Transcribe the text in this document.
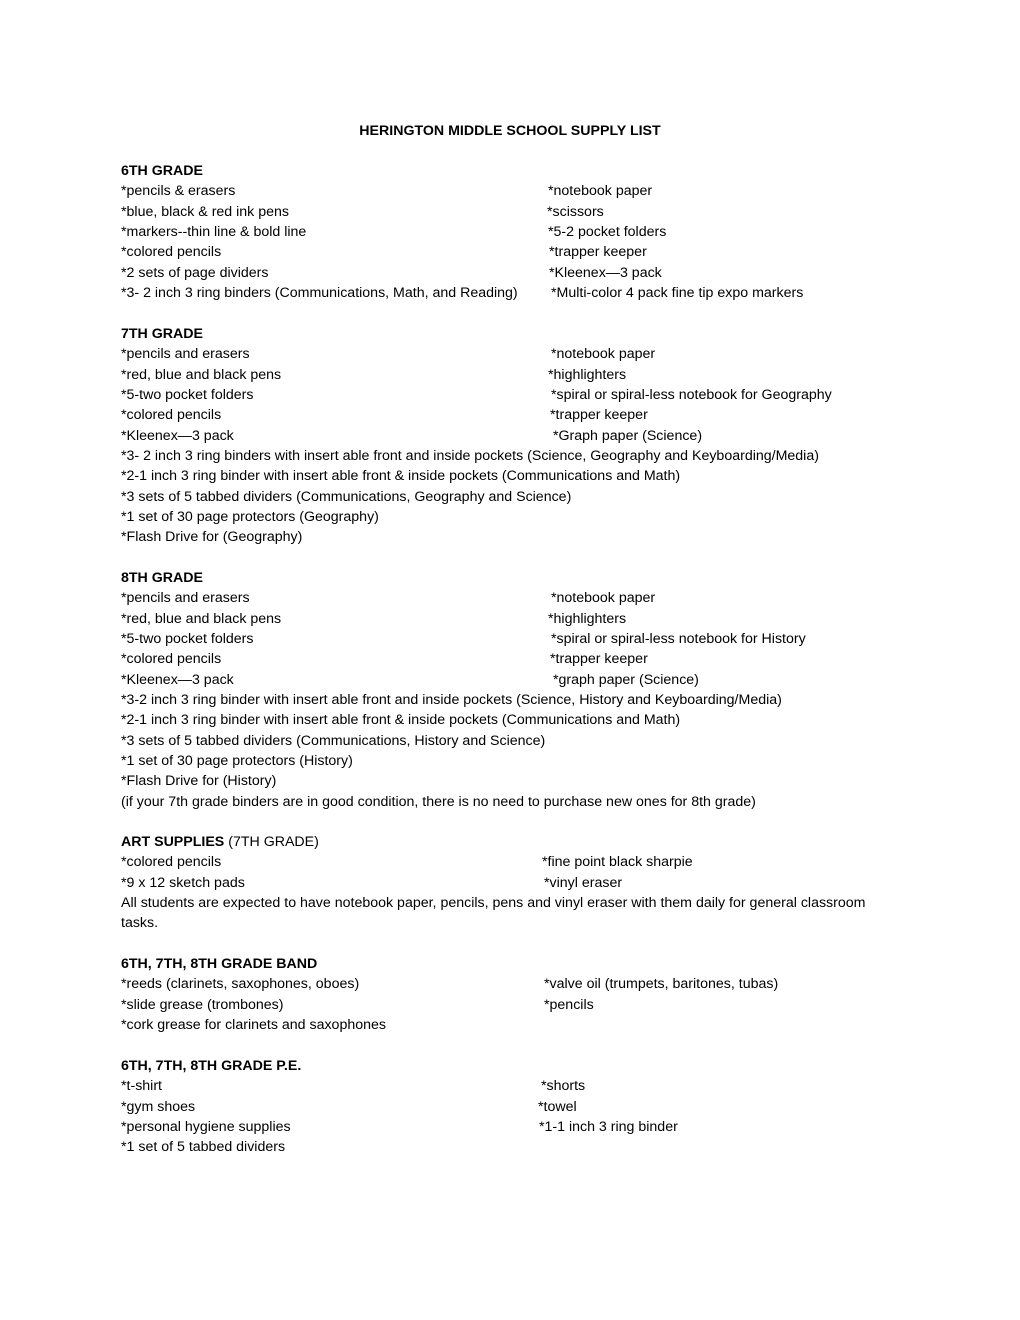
HERINGTON MIDDLE SCHOOL SUPPLY LIST
6TH GRADE
*pencils & erasers	*notebook paper
*blue, black & red ink pens	*scissors
*markers--thin line & bold line	*5-2 pocket folders
*colored pencils	*trapper keeper
*2 sets of page dividers	*Kleenex—3 pack
*3- 2 inch 3 ring binders (Communications, Math, and Reading) *Multi-color 4 pack fine tip expo markers
7TH GRADE
*pencils and erasers	*notebook paper
*red, blue and black pens	*highlighters
*5-two pocket folders	*spiral or spiral-less notebook for Geography
*colored pencils	*trapper keeper
*Kleenex—3 pack	*Graph paper (Science)
*3- 2 inch 3 ring binders with insert able front and inside pockets (Science, Geography and Keyboarding/Media)
*2-1 inch 3 ring binder with insert able front & inside pockets (Communications and Math)
*3 sets of 5 tabbed dividers (Communications, Geography and Science)
*1 set of 30 page protectors (Geography)
*Flash Drive for (Geography)
8TH GRADE
*pencils and erasers	*notebook paper
*red, blue and black pens	*highlighters
*5-two pocket folders	*spiral or spiral-less notebook for History
*colored pencils	*trapper keeper
*Kleenex—3 pack	*graph paper (Science)
*3-2 inch 3 ring binder with insert able front and inside pockets (Science, History and Keyboarding/Media)
*2-1 inch 3 ring binder with insert able front & inside pockets (Communications and Math)
*3 sets of 5 tabbed dividers (Communications, History and Science)
*1 set of 30 page protectors (History)
*Flash Drive for (History)
(if your 7th grade binders are in good condition, there is no need to purchase new ones for 8th grade)
ART SUPPLIES (7TH GRADE)
*colored pencils	*fine point black sharpie
*9 x 12 sketch pads	*vinyl eraser
All students are expected to have notebook paper, pencils, pens and vinyl eraser with them daily for general classroom tasks.
6TH, 7TH, 8TH GRADE BAND
*reeds (clarinets, saxophones, oboes)	*valve oil (trumpets, baritones, tubas)
*slide grease (trombones)	*pencils
*cork grease for clarinets and saxophones
6TH, 7TH, 8TH GRADE P.E.
*t-shirt	*shorts
*gym shoes	*towel
*personal hygiene supplies	*1-1 inch 3 ring binder
*1 set of 5 tabbed dividers
